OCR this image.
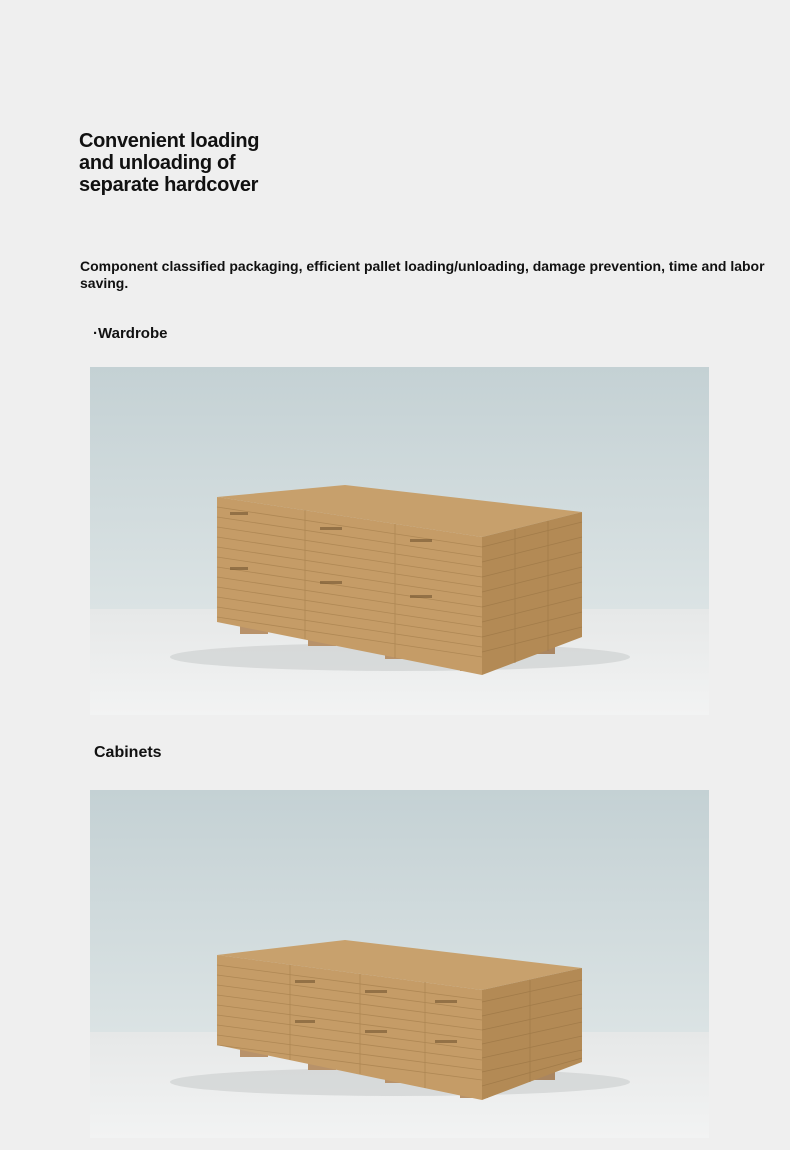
Convenient loading
and unloading of
separate hardcover
Component classified packaging, efficient pallet loading/unloading, damage prevention, time and labor saving.
·Wardrobe
Cabinets
